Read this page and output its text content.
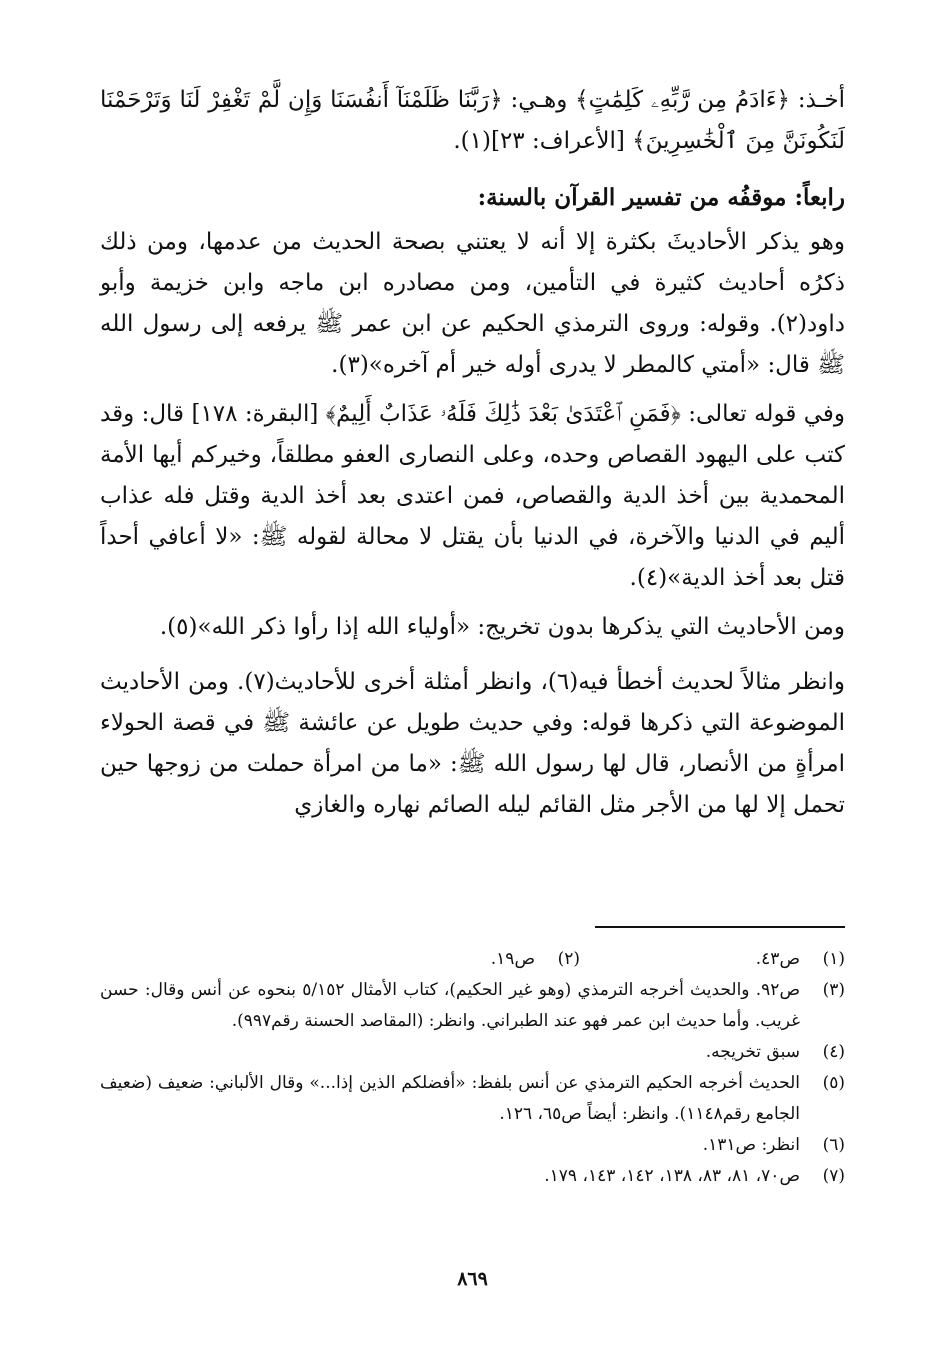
أخـذ: ﴿ءَادَمُ مِن رَّبِّهِۦ كَلِمَٰتٍ﴾ وهـي: ﴿رَبَّنَا ظَلَمْنَآ أَنفُسَنَا وَإِن لَّمْ تَغْفِرْ لَنَا وَتَرْحَمْنَا لَنَكُونَنَّ مِنَ ٱلْخَٰسِرِينَ﴾ [الأعراف: ٢٣](١).

رابعاً: موقفُه من تفسير القرآن بالسنة:

وهو يذكر الأحاديثَ بكثرة إلا أنه لا يعتني بصحة الحديث من عدمها، ومن ذلك ذكرُه أحاديث كثيرة في التأمين، ومن مصادره ابن ماجه وابن خزيمة وأبو داود(٢). وقوله: وروى الترمذي الحكيم عن ابن عمر ﷺ يرفعه إلى رسول الله ﷺ قال: «أمتي كالمطر لا يدرى أوله خير أم آخره»(٣).

وفي قوله تعالى: ﴿فَمَنِ ٱعْتَدَىٰ بَعْدَ ذَٰلِكَ فَلَهُۥ عَذَابٌ أَلِيمٌ﴾ [البقرة: ١٧٨] قال: وقد كتب على اليهود القصاص وحده، وعلى النصارى العفو مطلقاً، وخيركم أيها الأمة المحمدية بين أخذ الدية والقصاص، فمن اعتدى بعد أخذ الدية وقتل فله عذاب أليم في الدنيا والآخرة، في الدنيا بأن يقتل لا محالة لقوله ﷺ: «لا أعافي أحداً قتل بعد أخذ الدية»(٤).

ومن الأحاديث التي يذكرها بدون تخريج: «أولياء الله إذا رأوا ذكر الله»(٥).

وانظر مثالاً لحديث أخطأ فيه(٦)، وانظر أمثلة أخرى للأحاديث(٧). ومن الأحاديث الموضوعة التي ذكرها قوله: وفي حديث طويل عن عائشة ﷺ في قصة الحولاء امرأةٍ من الأنصار، قال لها رسول الله ﷺ: «ما من امرأة حملت من زوجها حين تحمل إلا لها من الأجر مثل القائم ليله الصائم نهاره والغازي

(١)
ص٤٣.
(٢)
ص١٩.
(٣)
ص٩٢. والحديث أخرجه الترمذي (وهو غير الحكيم)، كتاب الأمثال ٥/١٥٢ بنحوه عن أنس وقال: حسن غريب. وأما حديث ابن عمر فهو عند الطبراني. وانظر: (المقاصد الحسنة رقم٩٩٧).
(٤)
سبق تخريجه.
(٥)
الحديث أخرجه الحكيم الترمذي عن أنس بلفظ: «أفضلكم الذين إذا...» وقال الألباني: ضعيف (ضعيف الجامع رقم١١٤٨). وانظر: أيضاً ص٦٥، ١٢٦.
(٦)
انظر: ص١٣١.
(٧)
ص٧٠، ٨١، ٨٣، ١٣٨، ١٤٢، ١٤٣، ١٧٩.
٨٦٩
